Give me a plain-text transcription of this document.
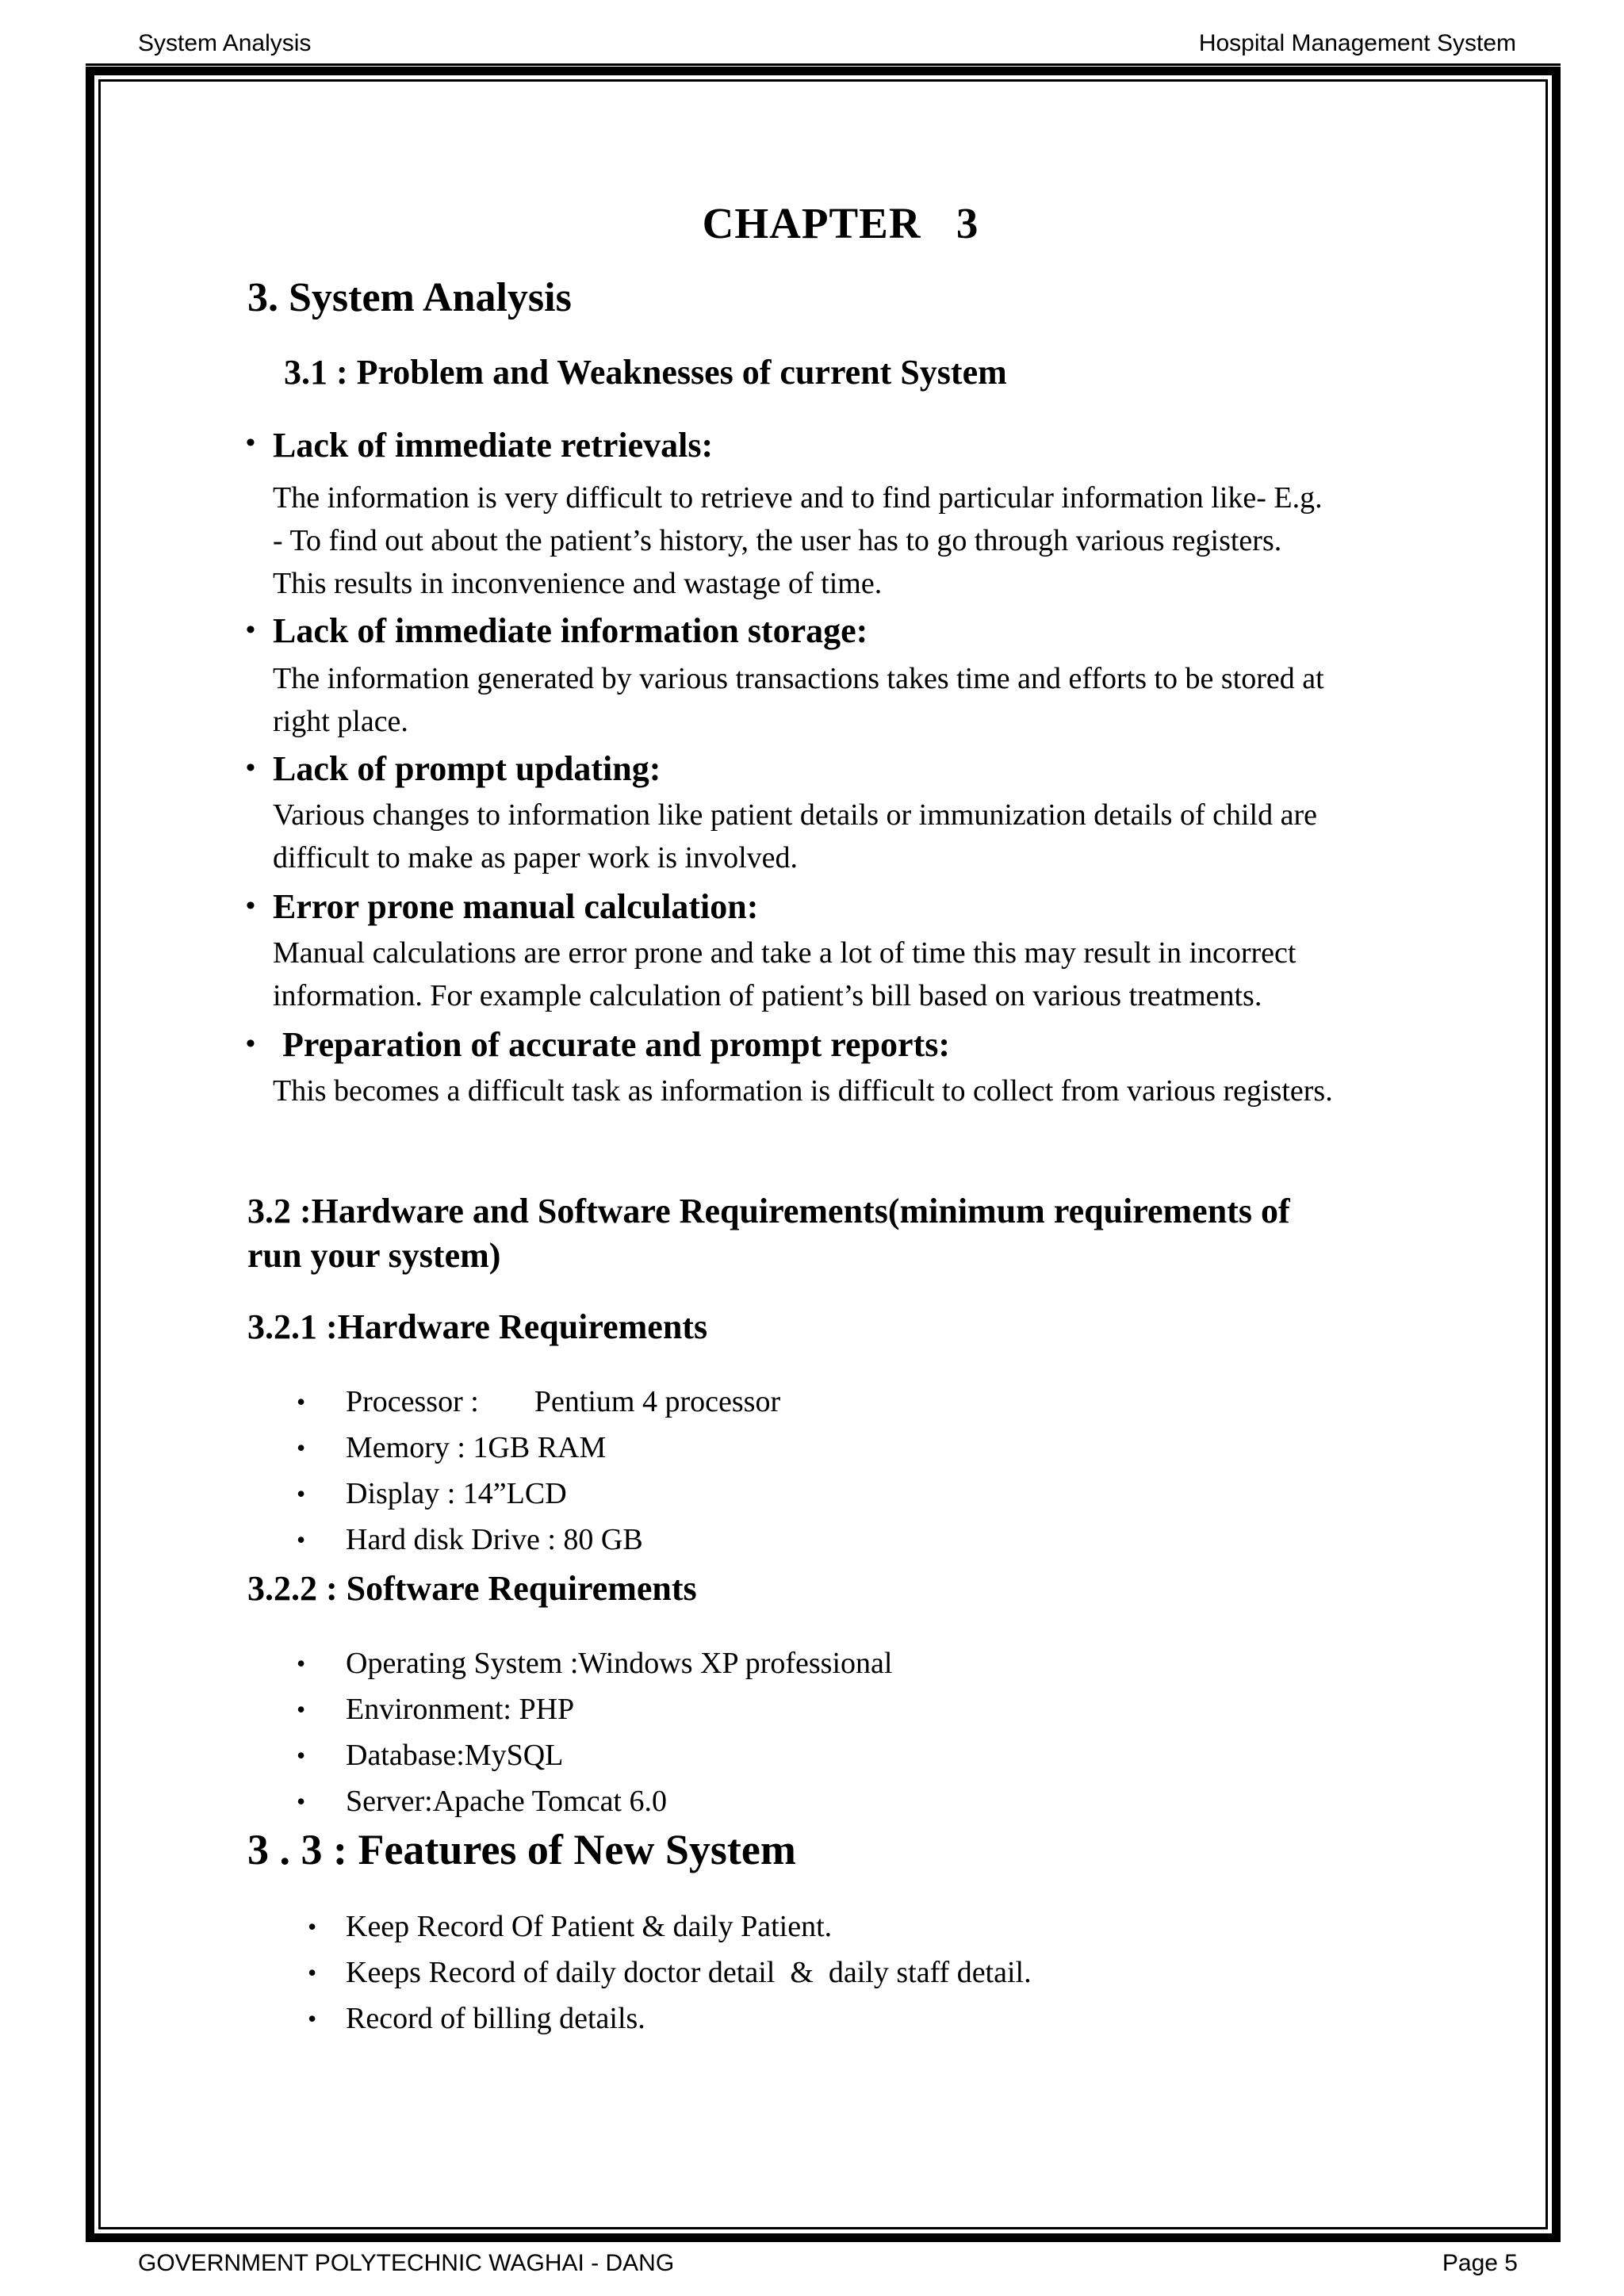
System Analysis	Hospital Management System
CHAPTER   3
3. System Analysis
3.1 : Problem and Weaknesses of current System
• Lack of immediate retrievals:
The information is very difficult to retrieve and to find particular information like- E.g.
- To find out about the patient’s history, the user has to go through various registers.
This results in inconvenience and wastage of time.
• Lack of immediate information storage:
The information generated by various transactions takes time and efforts to be stored at
right place.
• Lack of prompt updating:
Various changes to information like patient details or immunization details of child are
difficult to make as paper work is involved.
• Error prone manual calculation:
Manual calculations are error prone and take a lot of time this may result in incorrect
information. For example calculation of patient’s bill based on various treatments.
• Preparation of accurate and prompt reports:
This becomes a difficult task as information is difficult to collect from various registers.
3.2 :Hardware and Software Requirements(minimum requirements of
run your system)
3.2.1 :Hardware Requirements
• Processor : Pentium 4 processor
• Memory : 1GB RAM
• Display : 14”LCD
• Hard disk Drive : 80 GB
3.2.2 : Software Requirements
• Operating System :Windows XP professional
• Environment: PHP
• Database:MySQL
• Server:Apache Tomcat 6.0
3 . 3 : Features of New System
• Keep Record Of Patient & daily Patient.
• Keeps Record of daily doctor detail  &  daily staff detail.
• Record of billing details.
GOVERNMENT POLYTECHNIC WAGHAI - DANG	Page 5
